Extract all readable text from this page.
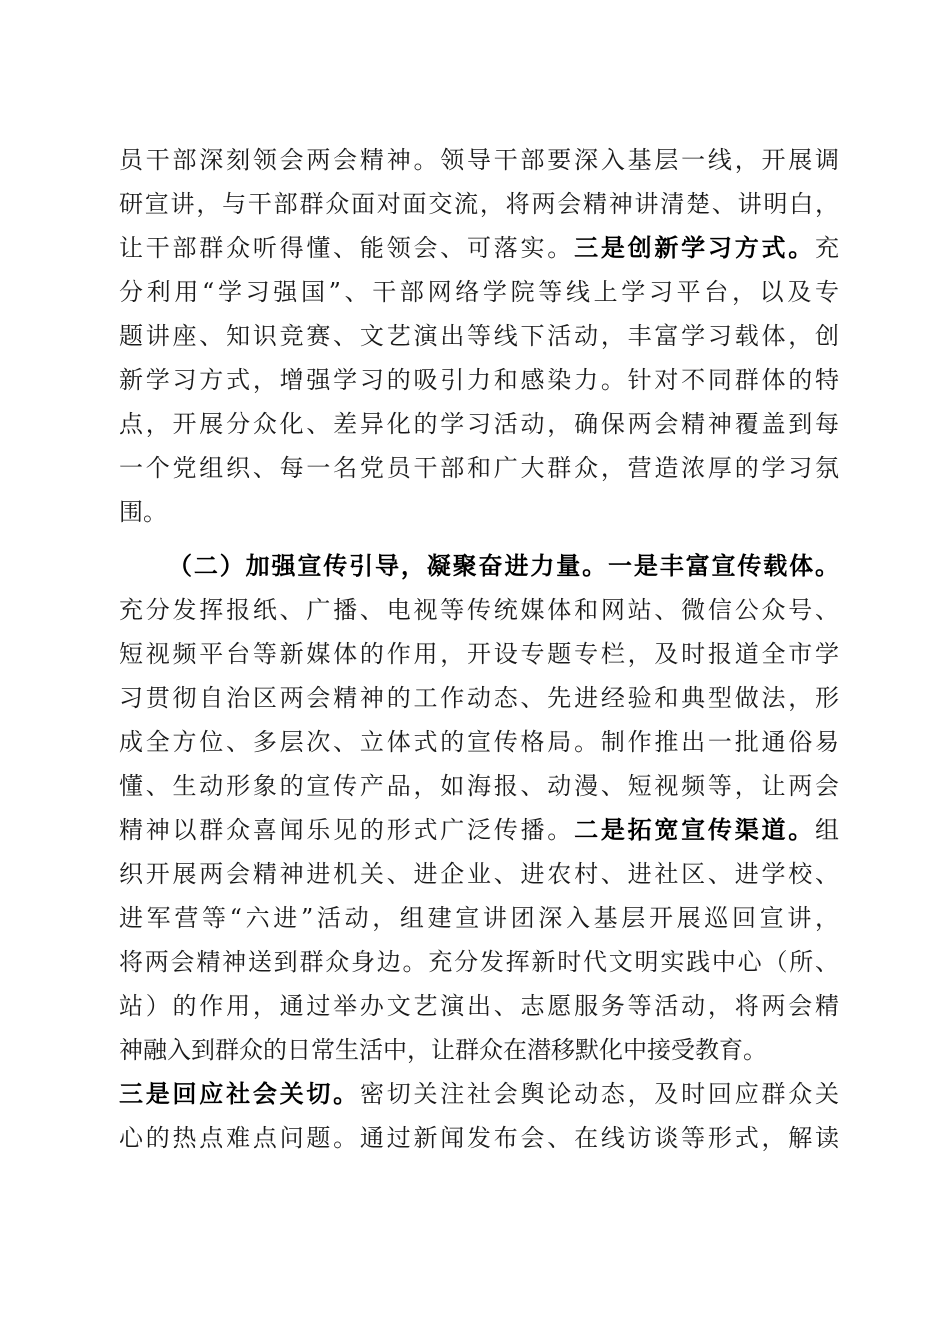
员干部深刻领会两会精神。领导干部要深入基层一线，开展调
研宣讲，与干部群众面对面交流，将两会精神讲清楚、讲明白，
让干部群众听得懂、能领会、可落实。三是创新学习方式。充
分利用“学习强国”、干部网络学院等线上学习平台，以及专
题讲座、知识竞赛、文艺演出等线下活动，丰富学习载体，创
新学习方式，增强学习的吸引力和感染力。针对不同群体的特
点，开展分众化、差异化的学习活动，确保两会精神覆盖到每
一个党组织、每一名党员干部和广大群众，营造浓厚的学习氛
围。
（二）加强宣传引导，凝聚奋进力量。一是丰富宣传载体。
充分发挥报纸、广播、电视等传统媒体和网站、微信公众号、
短视频平台等新媒体的作用，开设专题专栏，及时报道全市学
习贯彻自治区两会精神的工作动态、先进经验和典型做法，形
成全方位、多层次、立体式的宣传格局。制作推出一批通俗易
懂、生动形象的宣传产品，如海报、动漫、短视频等，让两会
精神以群众喜闻乐见的形式广泛传播。二是拓宽宣传渠道。组
织开展两会精神进机关、进企业、进农村、进社区、进学校、
进军营等“六进”活动，组建宣讲团深入基层开展巡回宣讲，
将两会精神送到群众身边。充分发挥新时代文明实践中心（所、
站）的作用，通过举办文艺演出、志愿服务等活动，将两会精
神融入到群众的日常生活中，让群众在潜移默化中接受教育。
三是回应社会关切。密切关注社会舆论动态，及时回应群众关
心的热点难点问题。通过新闻发布会、在线访谈等形式，解读
